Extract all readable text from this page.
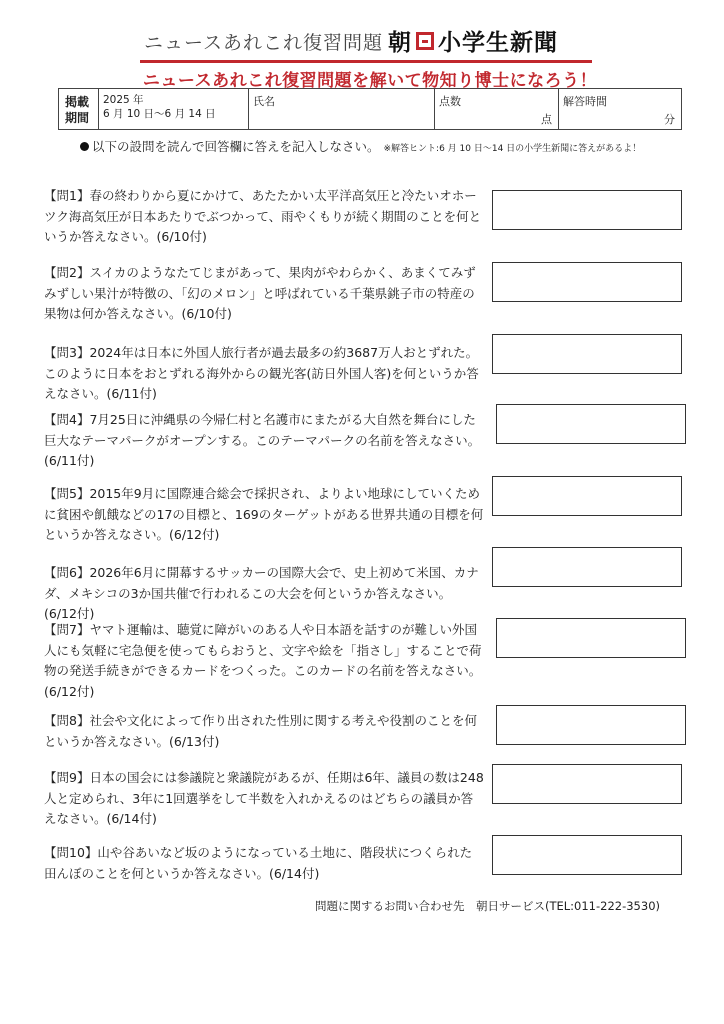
ニュースあれこれ復習問題 朝 小学生新聞
ニュースあれこれ復習問題を解いて物知り博士になろう！
掲載
期間
2025 年
6 月 10 日～6 月 14 日
氏名	点数
点
解答時間
分
以下の設問を読んで回答欄に答えを記入しなさい。 ※解答ヒント:6 月 10 日～14 日の小学生新聞に答えがあるよ！
【問1】春の終わりから夏にかけて、あたたかい太平洋高気圧と冷たいオホーツク海高気圧が日本あたりでぶつかって、雨やくもりが続く期間のことを何というか答えなさい。(6/10付)
【問2】スイカのようなたてじまがあって、果肉がやわらかく、あまくてみずみずしい果汁が特徴の、「幻のメロン」と呼ばれている千葉県銚子市の特産の果物は何か答えなさい。(6/10付)
【問3】2024年は日本に外国人旅行者が過去最多の約3687万人おとずれた。このように日本をおとずれる海外からの観光客(訪日外国人客)を何というか答えなさい。(6/11付)
【問4】7月25日に沖縄県の今帰仁村と名護市にまたがる大自然を舞台にした巨大なテーマパークがオープンする。このテーマパークの名前を答えなさい。(6/11付)
【問5】2015年9月に国際連合総会で採択され、よりよい地球にしていくために貧困や飢餓などの17の目標と、169のターゲットがある世界共通の目標を何というか答えなさい。(6/12付)
【問6】2026年6月に開幕するサッカーの国際大会で、史上初めて米国、カナダ、メキシコの3か国共催で行われるこの大会を何というか答えなさい。(6/12付)
【問7】ヤマト運輸は、聴覚に障がいのある人や日本語を話すのが難しい外国人にも気軽に宅急便を使ってもらおうと、文字や絵を「指さし」することで荷物の発送手続きができるカードをつくった。このカードの名前を答えなさい。(6/12付)
【問8】社会や文化によって作り出された性別に関する考えや役割のことを何というか答えなさい。(6/13付)
【問9】日本の国会には参議院と衆議院があるが、任期は6年、議員の数は248人と定められ、3年に1回選挙をして半数を入れかえるのはどちらの議員か答えなさい。(6/14付)
【問10】山や谷あいなど坂のようになっている土地に、階段状につくられた田んぼのことを何というか答えなさい。(6/14付)
問題に関するお問い合わせ先　朝日サービス(TEL:011-222-3530)
